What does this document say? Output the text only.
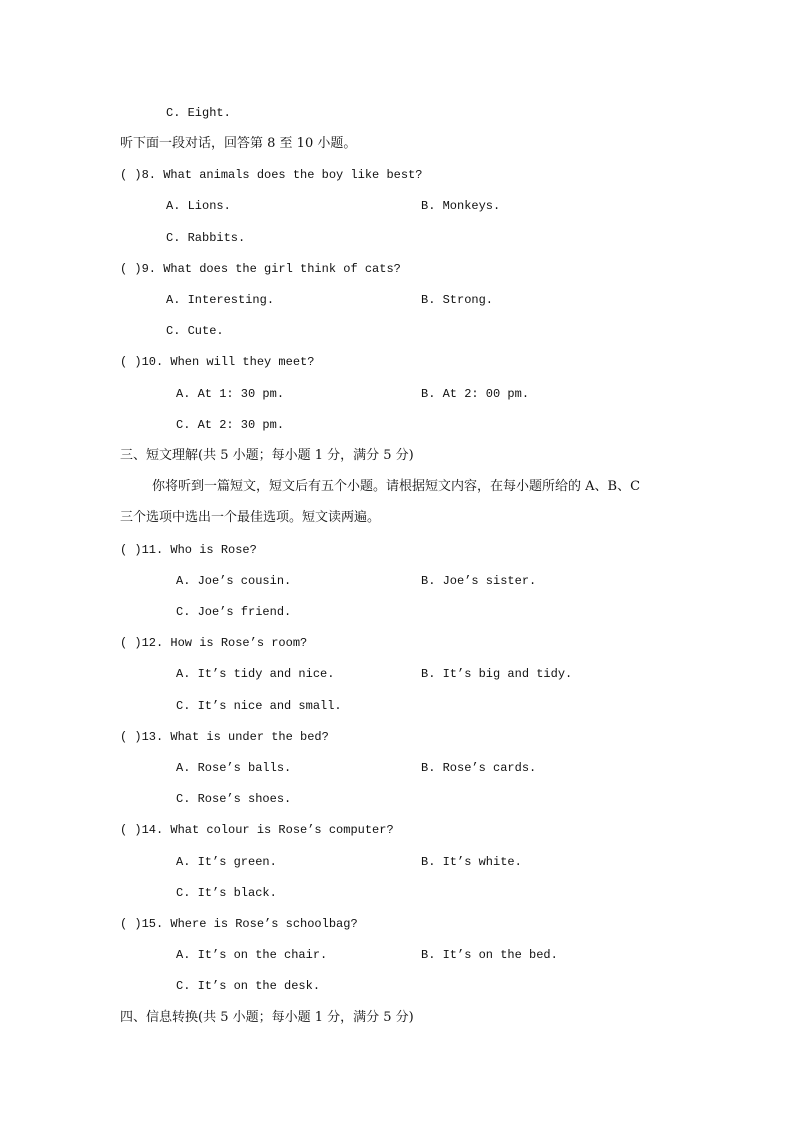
C. Eight.
听下面一段对话，回答第 8 至 10 小题。
( )8. What animals does the boy like best?
A. Lions.	B. Monkeys.
C. Rabbits.
( )9. What does the girl think of cats?
A. Interesting.	B. Strong.
C. Cute.
( )10. When will they meet?
A. At 1: 30 pm.	B. At 2: 00 pm.
C. At 2: 30 pm.
三、短文理解(共 5 小题；每小题 1 分，满分 5 分)
你将听到一篇短文，短文后有五个小题。请根据短文内容，在每小题所给的 A、B、C
三个选项中选出一个最佳选项。短文读两遍。
( )11. Who is Rose?
A. Joe’s cousin.	B. Joe’s sister.
C. Joe’s friend.
( )12. How is Rose’s room?
A. It’s tidy and nice.	B. It’s big and tidy.
C. It’s nice and small.
( )13. What is under the bed?
A. Rose’s balls.	B. Rose’s cards.
C. Rose’s shoes.
( )14. What colour is Rose’s computer?
A. It’s green.	B. It’s white.
C. It’s black.
( )15. Where is Rose’s schoolbag?
A. It’s on the chair.	B. It’s on the bed.
C. It’s on the desk.
四、信息转换(共 5 小题；每小题 1 分，满分 5 分)
